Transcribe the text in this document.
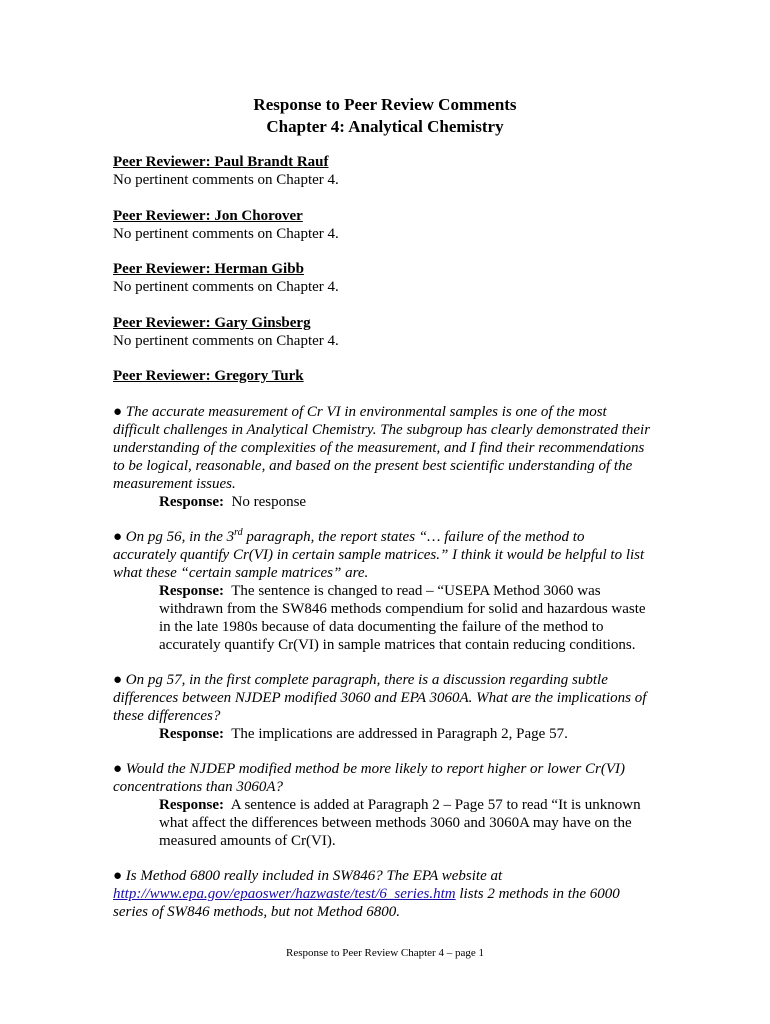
Response to Peer Review Comments
Chapter 4: Analytical Chemistry
Peer Reviewer: Paul Brandt Rauf
No pertinent comments on Chapter 4.
Peer Reviewer: Jon Chorover
No pertinent comments on Chapter 4.
Peer Reviewer: Herman Gibb
No pertinent comments on Chapter 4.
Peer Reviewer: Gary Ginsberg
No pertinent comments on Chapter 4.
Peer Reviewer: Gregory Turk
● The accurate measurement of Cr VI in environmental samples is one of the most
difficult challenges in Analytical Chemistry. The subgroup has clearly demonstrated their
understanding of the complexities of the measurement, and I find their recommendations
to be logical, reasonable, and based on the present best scientific understanding of the
measurement issues.
Response: No response
● On pg 56, in the 3rd paragraph, the report states “… failure of the method to
accurately quantify Cr(VI) in certain sample matrices.” I think it would be helpful to list
what these “certain sample matrices” are.
Response: The sentence is changed to read – “USEPA Method 3060 was
withdrawn from the SW846 methods compendium for solid and hazardous waste
in the late 1980s because of data documenting the failure of the method to
accurately quantify Cr(VI) in sample matrices that contain reducing conditions.
● On pg 57, in the first complete paragraph, there is a discussion regarding subtle
differences between NJDEP modified 3060 and EPA 3060A. What are the implications of
these differences?
Response: The implications are addressed in Paragraph 2, Page 57.
● Would the NJDEP modified method be more likely to report higher or lower Cr(VI)
concentrations than 3060A?
Response: A sentence is added at Paragraph 2 – Page 57 to read “It is unknown
what affect the differences between methods 3060 and 3060A may have on the
measured amounts of Cr(VI).
● Is Method 6800 really included in SW846? The EPA website at
http://www.epa.gov/epaoswer/hazwaste/test/6_series.htm lists 2 methods in the 6000
series of SW846 methods, but not Method 6800.
Response to Peer Review Chapter 4 – page 1
